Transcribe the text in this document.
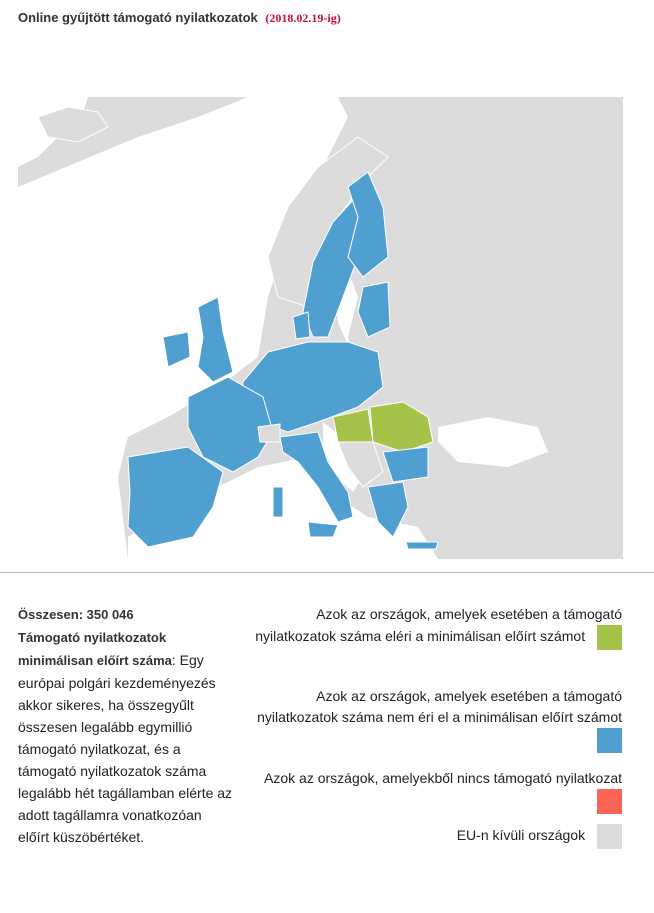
Online gyűjtött támogató nyilatkozatok (2018.02.19-ig)
Összesen: 350 046
Támogató nyilatkozatok minimálisan előírt száma: Egy európai polgári kezdeményezés akkor sikeres, ha összegyűlt összesen legalább egymillió támogató nyilatkozat, és a támogató nyilatkozatok száma legalább hét tagállamban elérte az adott tagállamra vonatkozóan előírt küszöbértéket.
Azok az országok, amelyek esetében a támogató nyilatkozatok száma eléri a minimálisan előírt számot
Azok az országok, amelyek esetében a támogató nyilatkozatok száma nem éri el a minimálisan előírt számot
Azok az országok, amelyekből nincs támogató nyilatkozat
EU-n kívüli országok
